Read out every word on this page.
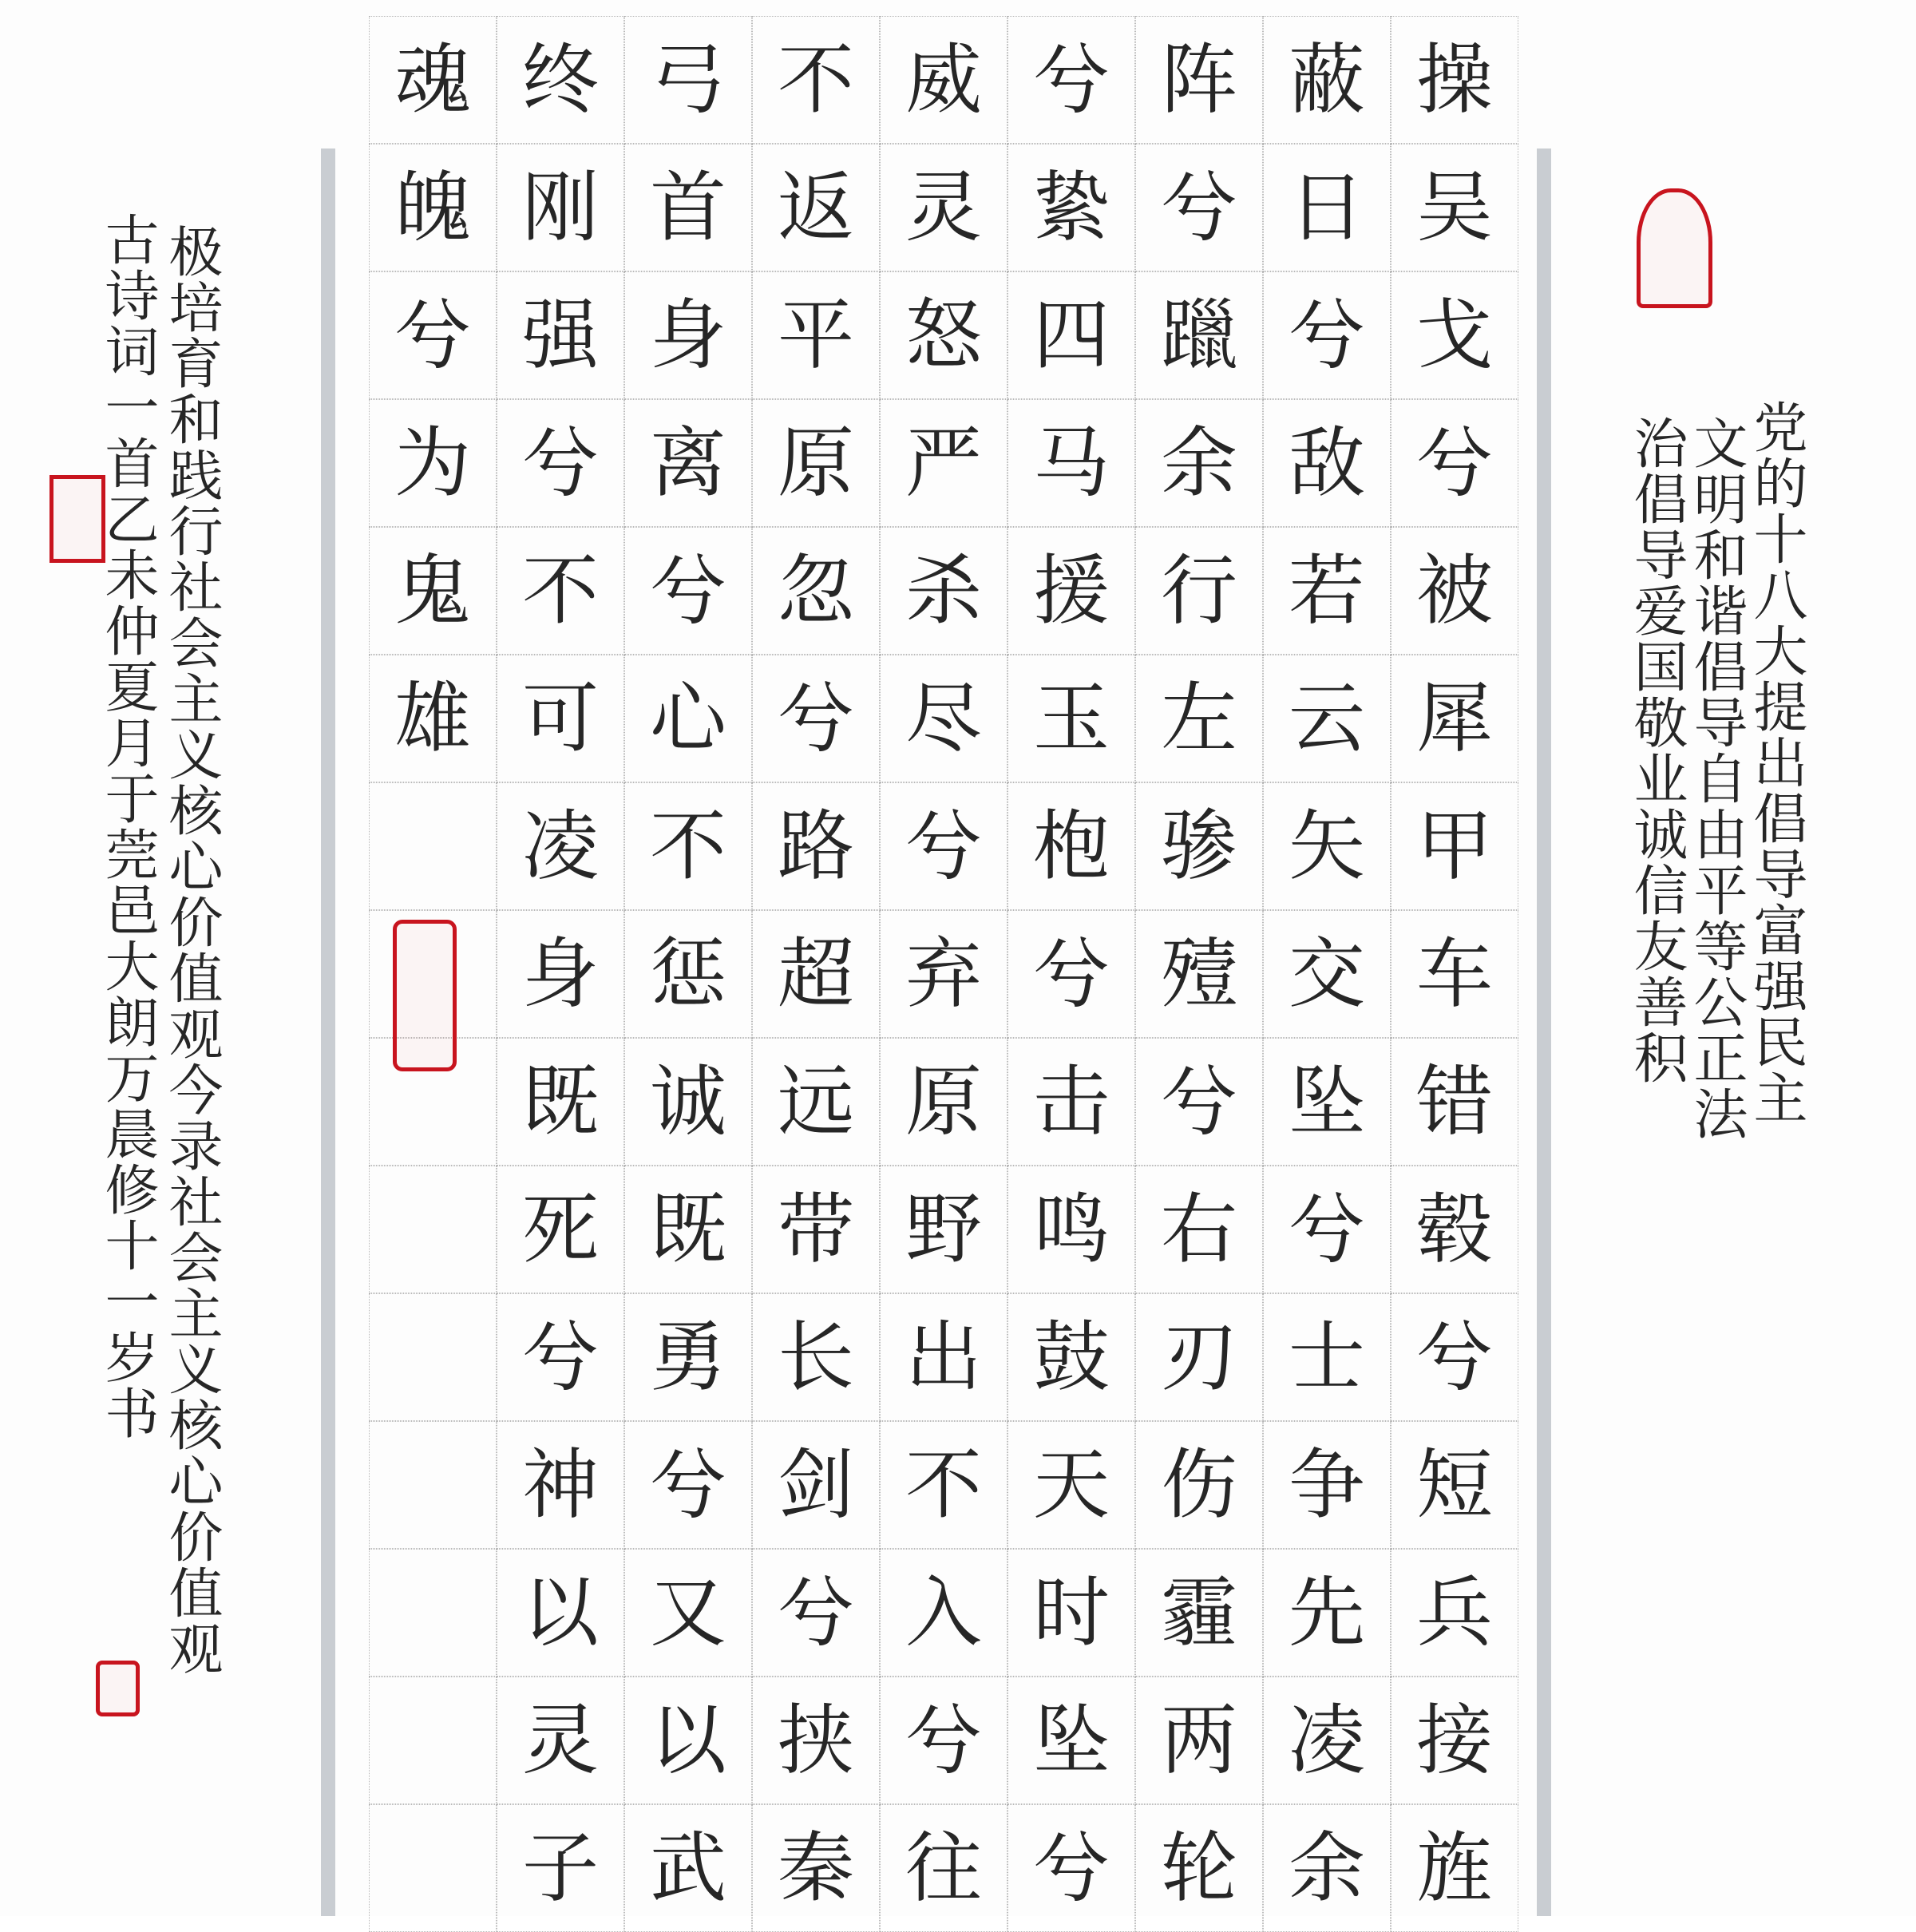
操
吴
戈
兮
被
犀
甲
车
错
毂
兮
短
兵
接
旌
蔽
日
兮
敌
若
云
矢
交
坠
兮
士
争
先
凌
余
阵
兮
躐
余
行
左
骖
殪
兮
右
刃
伤
霾
两
轮
兮
絷
四
马
援
玉
枹
兮
击
鸣
鼓
天
时
坠
兮
威
灵
怒
严
杀
尽
兮
弃
原
野
出
不
入
兮
往
不
返
平
原
忽
兮
路
超
远
带
长
剑
兮
挟
秦
弓
首
身
离
兮
心
不
惩
诚
既
勇
兮
又
以
武
终
刚
强
兮
不
可
凌
身
既
死
兮
神
以
灵
子
魂
魄
兮
为
鬼
雄	党的十八大提出倡导富强民主
文明和谐倡导自由平等公正法
治倡导爱国敬业诚信友善积
极培育和践行社会主义核心价值观今录社会主义核心价值观
古诗词一首乙未仲夏月于莞邑大朗万晨修十一岁书
